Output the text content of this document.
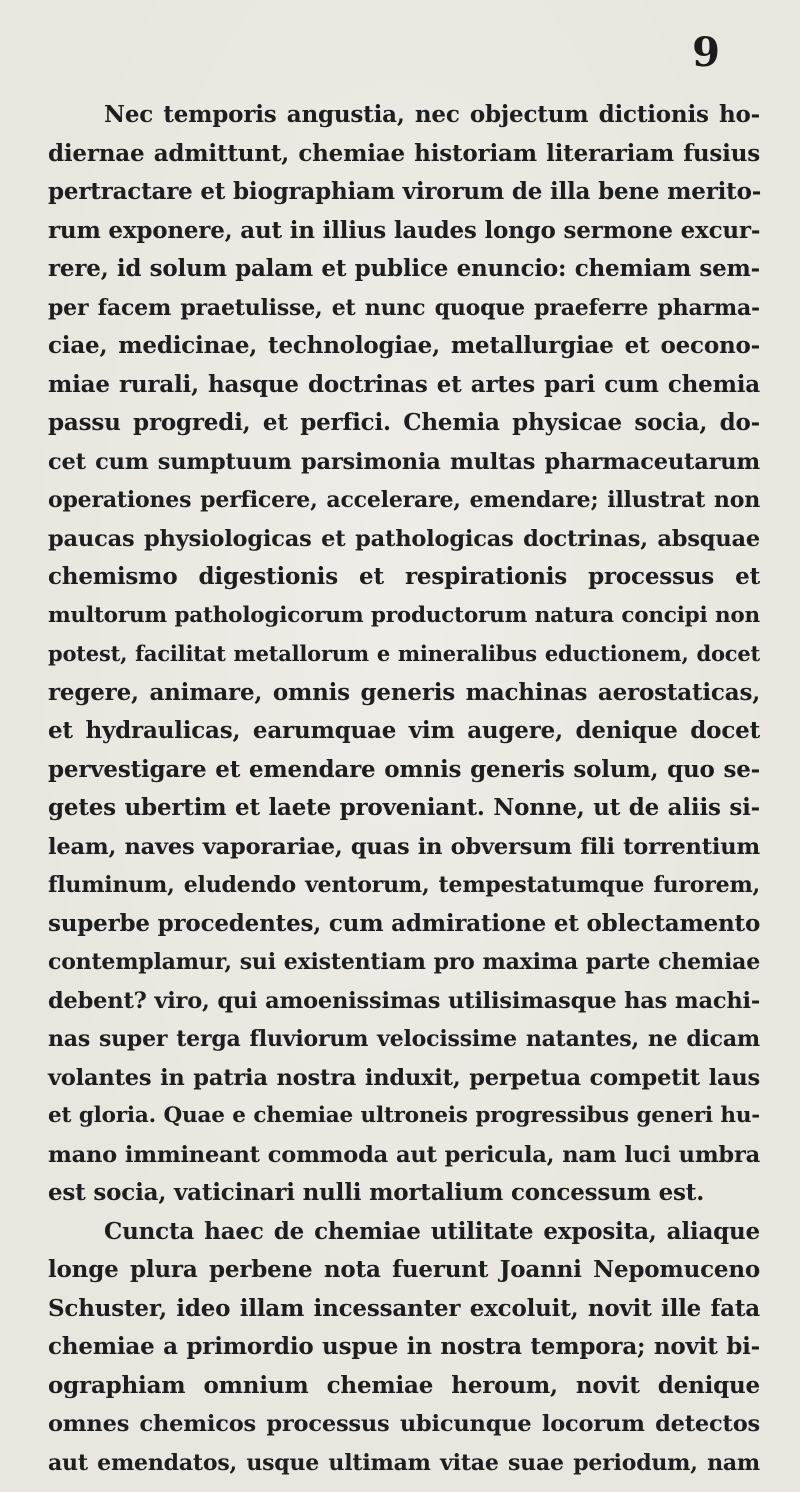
9
Nec temporis angustia, nec objectum dictionis ho-
diernae admittunt, chemiae historiam literariam fusius
pertractare et biographiam virorum de illa bene merito-
rum exponere, aut in illius laudes longo sermone excur-
rere, id solum palam et publice enuncio: chemiam sem-
per facem praetulisse, et nunc quoque praeferre pharma-
ciae, medicinae, technologiae, metallurgiae et oecono-
miae rurali, hasque doctrinas et artes pari cum chemia
passu progredi, et perfici. Chemia physicae socia, do-
cet cum sumptuum parsimonia multas pharmaceutarum
operationes perficere, accelerare, emendare; illustrat non
paucas physiologicas et pathologicas doctrinas, absquae
chemismo digestionis et respirationis processus et
multorum pathologicorum productorum natura concipi non
potest, facilitat metallorum e mineralibus eductionem, docet
regere, animare, omnis generis machinas aerostaticas,
et hydraulicas, earumquae vim augere, denique docet
pervestigare et emendare omnis generis solum, quo se-
getes ubertim et laete proveniant. Nonne, ut de aliis si-
leam, naves vaporariae, quas in obversum fili torrentium
fluminum, eludendo ventorum, tempestatumque furorem,
superbe procedentes, cum admiratione et oblectamento
contemplamur, sui existentiam pro maxima parte chemiae
debent? viro, qui amoenissimas utilisimasque has machi-
nas super terga fluviorum velocissime natantes, ne dicam
volantes in patria nostra induxit, perpetua competit laus
et gloria. Quae e chemiae ultroneis progressibus generi hu-
mano immineant commoda aut pericula, nam luci umbra
est socia, vaticinari nulli mortalium concessum est.
Cuncta haec de chemiae utilitate exposita, aliaque
longe plura perbene nota fuerunt Joanni Nepomuceno
Schuster, ideo illam incessanter excoluit, novit ille fata
chemiae a primordio uspue in nostra tempora; novit bi-
ographiam omnium chemiae heroum, novit denique
omnes chemicos processus ubicunque locorum detectos
aut emendatos, usque ultimam vitae suae periodum, nam
